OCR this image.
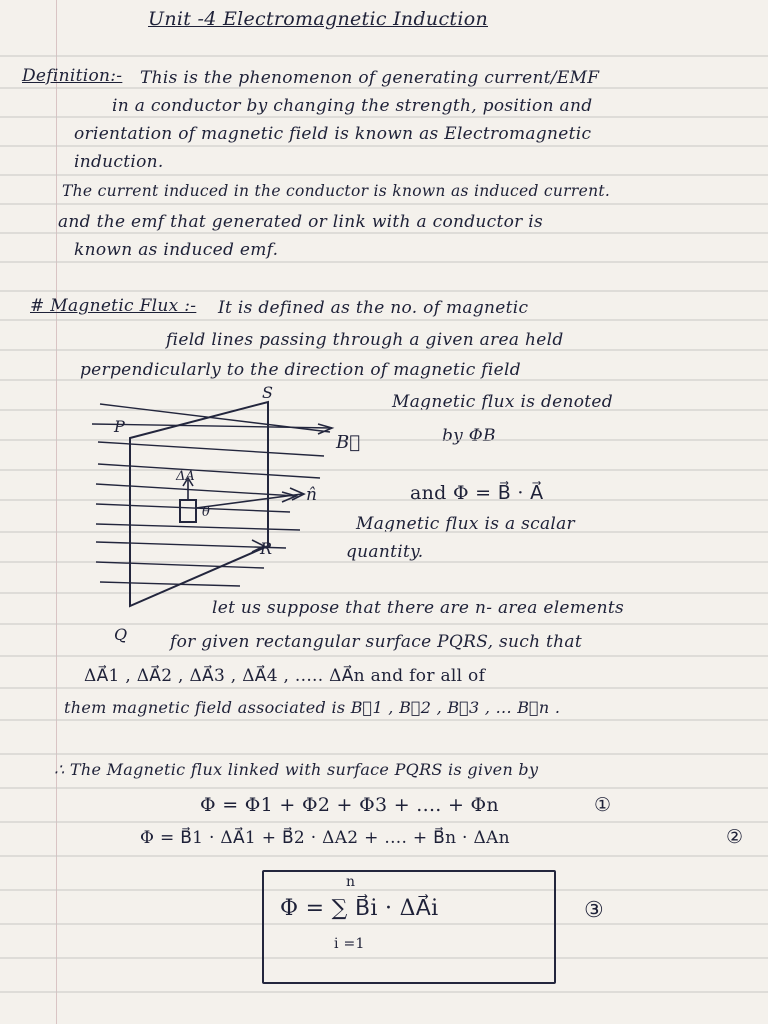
Unit -4 Electromagnetic Induction
Definition:- This is the phenomenon of generating current/EMF
in a conductor by changing the strength, position and
orientation of magnetic field is known as Electromagnetic
induction.
The current induced in the conductor is known as induced current.
and the emf that generated or link with a conductor is
known as induced emf.
# Magnetic Flux :- It is defined as the no. of magnetic
field lines passing through a given area held
perpendicularly to the direction of magnetic field
Magnetic flux is denoted
by ΦB
and Φ = B⃗ · A⃗
Magnetic flux is a scalar
quantity.
P
S
R
Q
B⃗
n̂
ΔA
θ
let us suppose that there are n- area elements
for given rectangular surface PQRS, such that
ΔA⃗1 , ΔA⃗2 , ΔA⃗3 , ΔA⃗4 , ..... ΔA⃗n and for all of
them magnetic field associated is B⃗1 , B⃗2 , B⃗3 , ... B⃗n .
∴ The Magnetic flux linked with surface PQRS is given by
Φ = Φ1 + Φ2 + Φ3 + .... + Φn	①
Φ = B⃗1 · ΔA⃗1 + B⃗2 · ΔA2 + .... + B⃗n · ΔAn	②
n
Φ = ∑ B⃗i · ΔA⃗i
i =1
③
